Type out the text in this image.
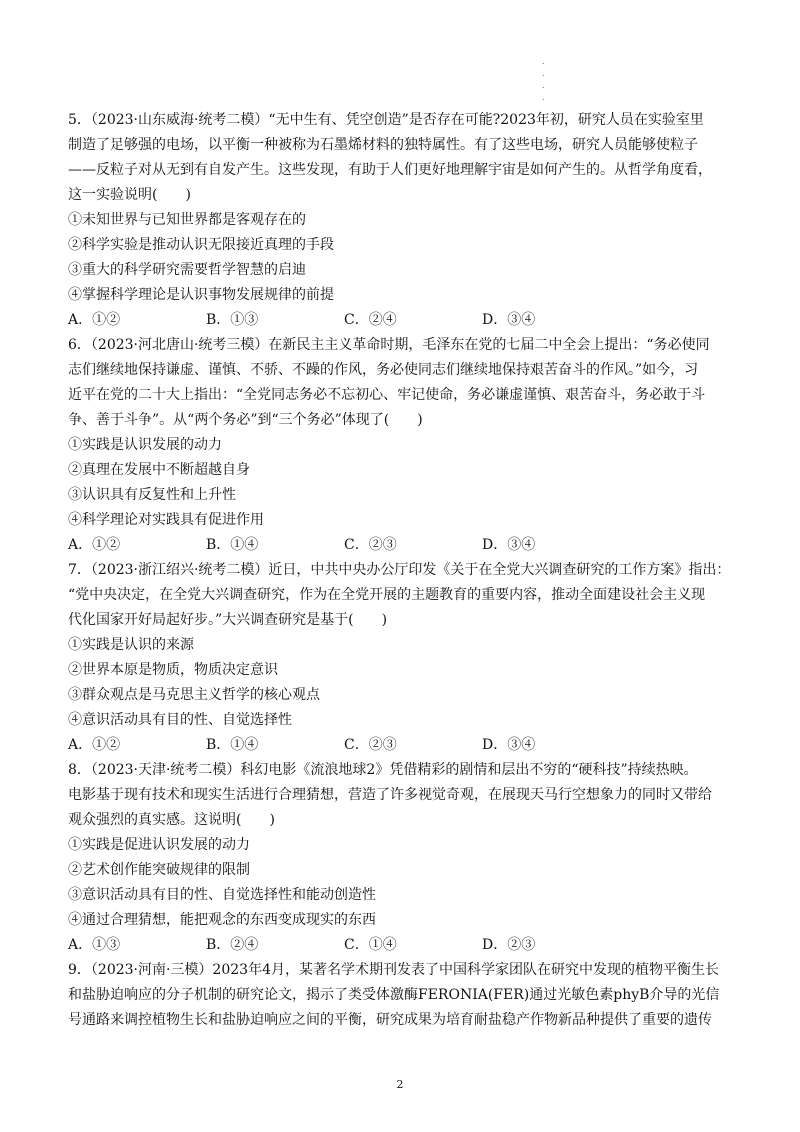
.
.
.
.
5．（2023·山东威海·统考二模）“无中生有、凭空创造”是否存在可能?2023年初，研究人员在实验室里
制造了足够强的电场，以平衡一种被称为石墨烯材料的独特属性。有了这些电场，研究人员能够使粒子
——反粒子对从无到有自发产生。这些发现，有助于人们更好地理解宇宙是如何产生的。从哲学角度看，
这一实验说明(　　)
①未知世界与已知世界都是客观存在的
②科学实验是推动认识无限接近真理的手段
③重大的科学研究需要哲学智慧的启迪
④掌握科学理论是认识事物发展规律的前提
A．①②	B．①③	C．②④	D．③④
6．（2023·河北唐山·统考三模）在新民主主义革命时期，毛泽东在党的七届二中全会上提出：“务必使同
志们继续地保持谦虚、谨慎、不骄、不躁的作风，务必使同志们继续地保持艰苦奋斗的作风。”如今，习
近平在党的二十大上指出：“全党同志务必不忘初心、牢记使命，务必谦虚谨慎、艰苦奋斗，务必敢于斗
争、善于斗争”。从“两个务必”到“三个务必”体现了(　　)
①实践是认识发展的动力
②真理在发展中不断超越自身
③认识具有反复性和上升性
④科学理论对实践具有促进作用
A．①②	B．①④	C．②③	D．③④
7．（2023·浙江绍兴·统考二模）近日，中共中央办公厅印发《关于在全党大兴调查研究的工作方案》指出：
“党中央决定，在全党大兴调查研究，作为在全党开展的主题教育的重要内容，推动全面建设社会主义现
代化国家开好局起好步。”大兴调查研究是基于(　　)
①实践是认识的来源
②世界本原是物质，物质决定意识
③群众观点是马克思主义哲学的核心观点
④意识活动具有目的性、自觉选择性
A．①②	B．①④	C．②③	D．③④
8．（2023·天津·统考二模）科幻电影《流浪地球2》凭借精彩的剧情和层出不穷的“硬科技”持续热映。
电影基于现有技术和现实生活进行合理猜想，营造了许多视觉奇观，在展现天马行空想象力的同时又带给
观众强烈的真实感。这说明(　　)
①实践是促进认识发展的动力
②艺术创作能突破规律的限制
③意识活动具有目的性、自觉选择性和能动创造性
④通过合理猜想，能把观念的东西变成现实的东西
A．①③	B．②④	C．①④	D．②③
9．（2023·河南·三模）2023年4月，某著名学术期刊发表了中国科学家团队在研究中发现的植物平衡生长
和盐胁迫响应的分子机制的研究论文，揭示了类受体激酶FERONIA(FER)通过光敏色素phyB介导的光信
号通路来调控植物生长和盐胁迫响应之间的平衡，研究成果为培育耐盐稳产作物新品种提供了重要的遗传
2
